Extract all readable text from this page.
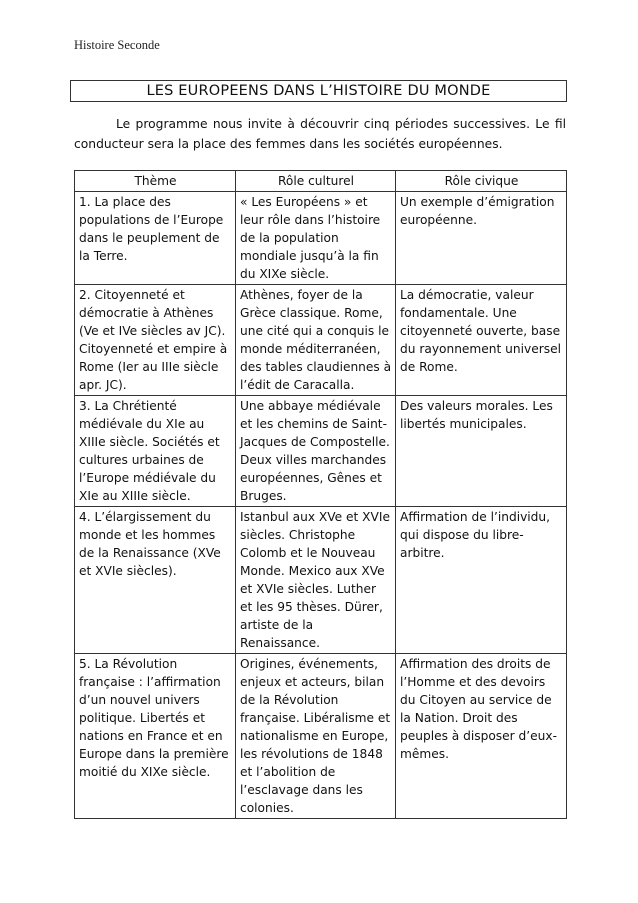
Histoire Seconde
LES EUROPEENS DANS L’HISTOIRE DU MONDE
Le programme nous invite à découvrir cinq périodes successives. Le fil conducteur sera la place des femmes dans les sociétés européennes.
Thème	Rôle culturel	Rôle civique
1. La place des populations de l’Europe dans le peuplement de la Terre.	« Les Européens » et leur rôle dans l’histoire de la population mondiale jusqu’à la fin du XIXe siècle.	Un exemple d’émigration européenne.
2. Citoyenneté et démocratie à Athènes (Ve et IVe siècles av JC). Citoyenneté et empire à Rome (Ier au IIIe siècle apr. JC).	Athènes, foyer de la Grèce classique. Rome, une cité qui a conquis le monde méditerranéen, des tables claudiennes à l’édit de Caracalla.	La démocratie, valeur fondamentale. Une citoyenneté ouverte, base du rayonnement universel de Rome.
3. La Chrétienté médiévale du XIe au XIIIe siècle. Sociétés et cultures urbaines de l’Europe médiévale du XIe au XIIIe siècle.	Une abbaye médiévale et les chemins de Saint-Jacques de Compostelle. Deux villes marchandes européennes, Gênes et Bruges.	Des valeurs morales. Les libertés municipales.
4. L’élargissement du monde et les hommes de la Renaissance (XVe et XVIe siècles).	Istanbul aux XVe et XVIe siècles. Christophe Colomb et le Nouveau Monde. Mexico aux XVe et XVIe siècles. Luther et les 95 thèses. Dürer, artiste de la Renaissance.	Affirmation de l’individu, qui dispose du libre-arbitre.
5. La Révolution française : l’affirmation d’un nouvel univers politique. Libertés et nations en France et en Europe dans la première moitié du XIXe siècle.	Origines, événements, enjeux et acteurs, bilan de la Révolution française. Libéralisme et nationalisme en Europe, les révolutions de 1848 et l’abolition de l’esclavage dans les colonies.	Affirmation des droits de l’Homme et des devoirs du Citoyen au service de la Nation. Droit des peuples à disposer d’eux-mêmes.
